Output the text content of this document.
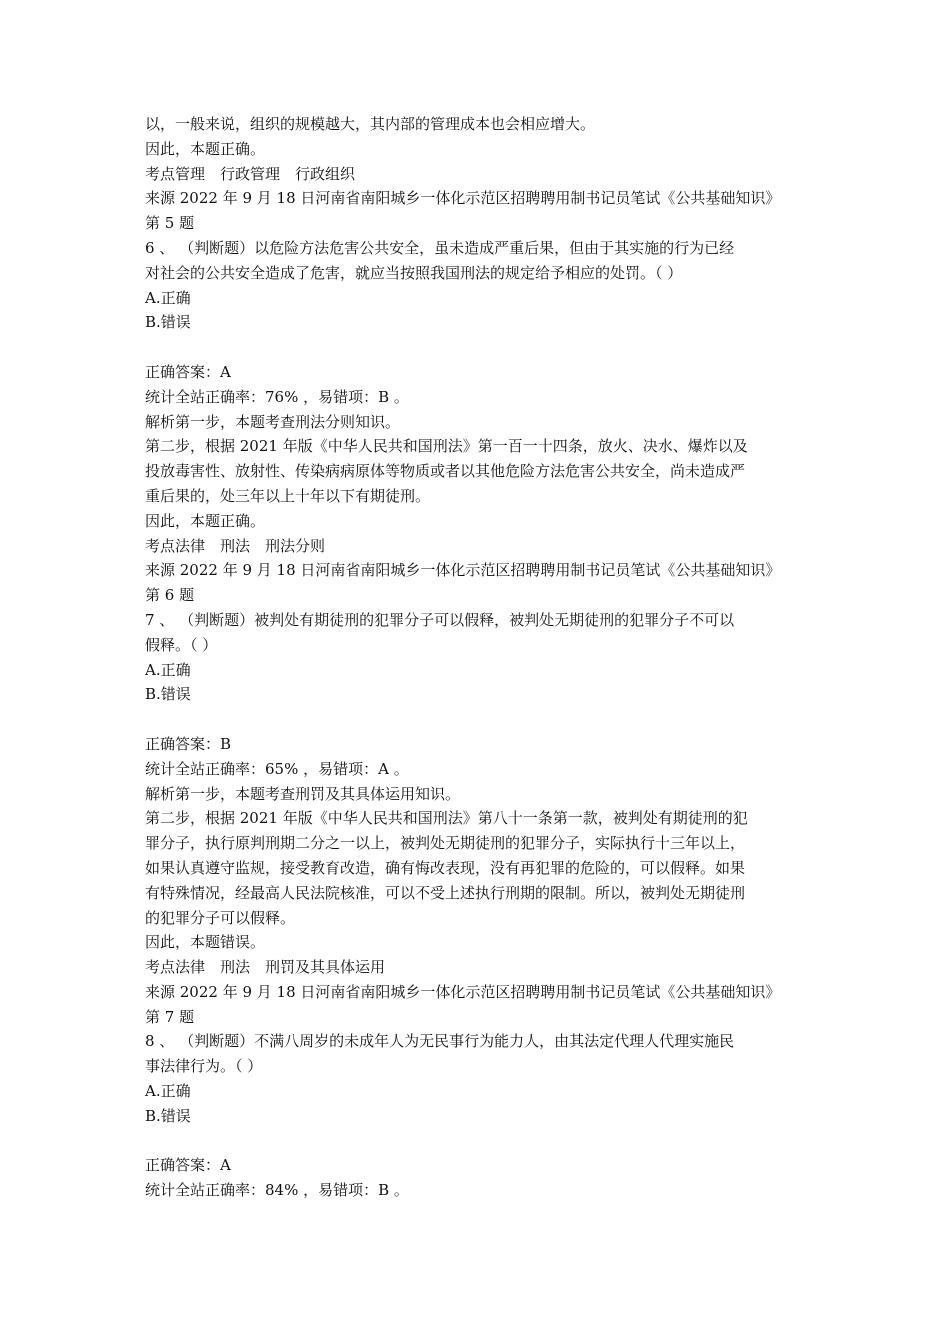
以，一般来说，组织的规模越大，其内部的管理成本也会相应增大。
因此，本题正确。
考点管理　行政管理　行政组织
来源 2022 年 9 月 18 日河南省南阳城乡一体化示范区招聘聘用制书记员笔试《公共基础知识》
第 5 题
6 、 （判断题）以危险方法危害公共安全，虽未造成严重后果，但由于其实施的行为已经
对社会的公共安全造成了危害，就应当按照我国刑法的规定给予相应的处罚。（ ）
A.正确
B.错误
正确答案：A
统计全站正确率：76% ，易错项：B 。
解析第一步，本题考查刑法分则知识。
第二步，根据 2021 年版《中华人民共和国刑法》第一百一十四条，放火、决水、爆炸以及
投放毒害性、放射性、传染病病原体等物质或者以其他危险方法危害公共安全，尚未造成严
重后果的，处三年以上十年以下有期徒刑。
因此，本题正确。
考点法律　刑法　刑法分则
来源 2022 年 9 月 18 日河南省南阳城乡一体化示范区招聘聘用制书记员笔试《公共基础知识》
第 6 题
7 、 （判断题）被判处有期徒刑的犯罪分子可以假释，被判处无期徒刑的犯罪分子不可以
假释。（ ）
A.正确
B.错误
正确答案：B
统计全站正确率：65% ，易错项：A 。
解析第一步，本题考查刑罚及其具体运用知识。
第二步，根据 2021 年版《中华人民共和国刑法》第八十一条第一款，被判处有期徒刑的犯
罪分子，执行原判刑期二分之一以上，被判处无期徒刑的犯罪分子，实际执行十三年以上，
如果认真遵守监规，接受教育改造，确有悔改表现，没有再犯罪的危险的，可以假释。如果
有特殊情况，经最高人民法院核准，可以不受上述执行刑期的限制。所以，被判处无期徒刑
的犯罪分子可以假释。
因此，本题错误。
考点法律　刑法　刑罚及其具体运用
来源 2022 年 9 月 18 日河南省南阳城乡一体化示范区招聘聘用制书记员笔试《公共基础知识》
第 7 题
8 、 （判断题）不满八周岁的未成年人为无民事行为能力人，由其法定代理人代理实施民
事法律行为。（ ）
A.正确
B.错误
正确答案：A
统计全站正确率：84% ，易错项：B 。
